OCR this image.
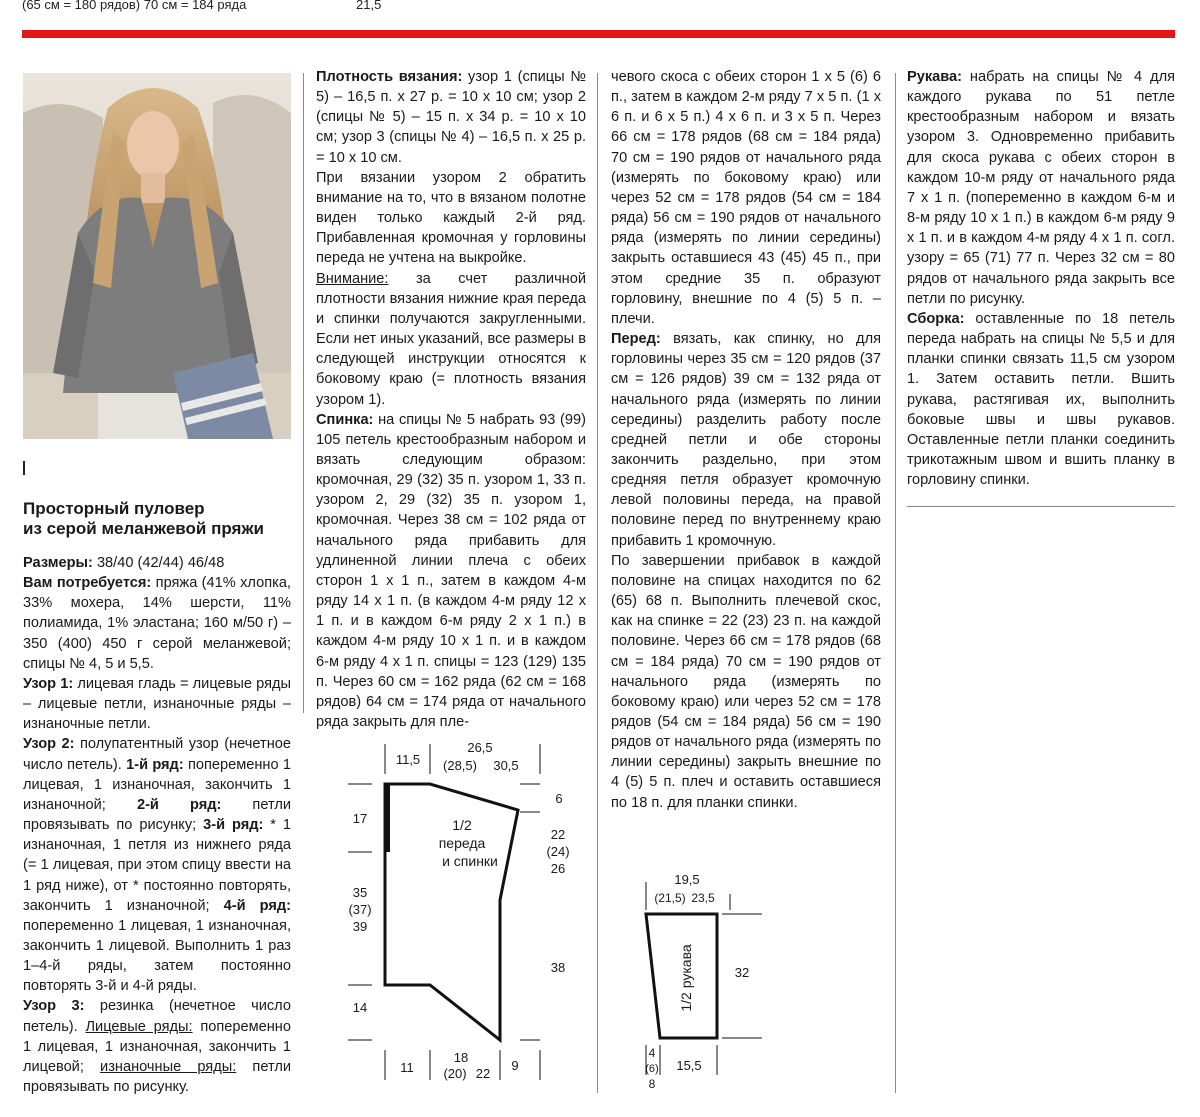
(65 см = 180 рядов) 70 см = 184 ряда	21,5

Просторный пуловер
из серой меланжевой пряжи

Размеры: 38/40 (42/44) 46/48

Вам потребуется: пряжа (41% хлопка, 33% мохера, 14% шерсти, 11% полиамида, 1% эластана; 160 м/50 г) – 350 (400) 450 г серой меланжевой; спицы № 4, 5 и 5,5.

Узор 1: лицевая гладь = лицевые ряды – лицевые петли, изнаночные ряды – изнаночные петли.

Узор 2: полупатентный узор (нечетное число петель). 1-й ряд: попеременно 1 лицевая, 1 изнаночная, закончить 1 изнаночной; 2-й ряд: петли провязывать по рисунку; 3-й ряд: * 1 изнаночная, 1 петля из нижнего ряда (= 1 лицевая, при этом спицу ввести на 1 ряд ниже), от * постоянно повторять, закончить 1 изнаночной; 4-й ряд: попеременно 1 лицевая, 1 изнаночная, закончить 1 лицевой. Выполнить 1 раз 1–4-й ряды, затем постоянно повторять 3-й и 4-й ряды.

Узор 3: резинка (нечетное число петель). Лицевые ряды: попеременно 1 лицевая, 1 изнаночная, закончить 1 лицевой; изнаночные ряды: петли провязывать по рисунку.

Плотность вязания: узор 1 (спицы № 5) – 16,5 п. х 27 р. = 10 х 10 см; узор 2 (спицы № 5) – 15 п. х 34 р. = 10 х 10 см; узор 3 (спицы № 4) – 16,5 п. х 25 р. = 10 х 10 см.

При вязании узором 2 обратить внимание на то, что в вязаном полотне виден только каждый 2-й ряд. Прибавленная кромочная у горловины переда не учтена на выкройке.

Внимание: за счет различной плотности вязания нижние края переда и спинки получаются закругленными. Если нет иных указаний, все размеры в следующей инструкции относятся к боковому краю (= плотность вязания узором 1).

Спинка: на спицы № 5 набрать 93 (99) 105 петель крестообразным набором и вязать следующим образом: кромочная, 29 (32) 35 п. узором 1, 33 п. узором 2, 29 (32) 35 п. узором 1, кромочная. Через 38 см = 102 ряда от начального ряда прибавить для удлиненной линии плеча с обеих сторон 1 х 1 п., затем в каждом 4-м ряду 14 х 1 п. (в каждом 4-м ряду 12 х 1 п. и в каждом 6-м ряду 2 х 1 п.) в каждом 4-м ряду 10 х 1 п. и в каждом 6-м ряду 4 х 1 п. спицы = 123 (129) 135 п. Через 60 см = 162 ряда (62 см = 168 рядов) 64 см = 174 ряда от начального ряда закрыть для пле-

чевого скоса с обеих сторон 1 х 5 (6) 6 п., затем в каждом 2-м ряду 7 х 5 п. (1 х 6 п. и 6 х 5 п.) 4 х 6 п. и 3 х 5 п. Через 66 см = 178 рядов (68 см = 184 ряда) 70 см = 190 рядов от начального ряда (измерять по боковому краю) или через 52 см = 178 рядов (54 см = 184 ряда) 56 см = 190 рядов от начального ряда (измерять по линии середины) закрыть оставшиеся 43 (45) 45 п., при этом средние 35 п. образуют горловину, внешние по 4 (5) 5 п. – плечи.

Перед: вязать, как спинку, но для горловины через 35 см = 120 рядов (37 см = 126 рядов) 39 см = 132 ряда от начального ряда (измерять по линии середины) разделить работу после средней петли и обе стороны закончить раздельно, при этом средняя петля образует кромочную левой половины переда, на правой половине перед по внутреннему краю прибавить 1 кромочную.

По завершении прибавок в каждой половине на спицах находится по 62 (65) 68 п. Выполнить плечевой скос, как на спинке = 22 (23) 23 п. на каждой половине. Через 66 см = 178 рядов (68 см = 184 ряда) 70 см = 190 рядов от начального ряда (измерять по боковому краю) или через 52 см = 178 рядов (54 см = 184 ряда) 56 см = 190 рядов от начального ряда (измерять по линии середины) закрыть внешние по 4 (5) 5 п. плеч и оставить оставшиеся по 18 п. для планки спинки.

Рукава: набрать на спицы № 4 для каждого рукава по 51 петле крестообразным набором и вязать узором 3. Одновременно прибавить для скоса рукава с обеих сторон в каждом 10-м ряду от начального ряда 7 х 1 п. (попеременно в каждом 6-м и 8-м ряду 10 х 1 п.) в каждом 6-м ряду 9 х 1 п. и в каждом 4-м ряду 4 х 1 п. согл. узору = 65 (71) 77 п. Через 32 см = 80 рядов от начального ряда закрыть все петли по рисунку.

Сборка: оставленные по 18 петель переда набрать на спицы № 5,5 и для планки спинки связать 11,5 см узором 1. Затем оставить петли. Вшить рукава, растягивая их, выполнить боковые швы и швы рукавов. Оставленные петли планки соединить трикотажным швом и вшить планку в горловину спинки.

11,5
26,5
(28,5) 30,5
6
17
22
(24)
26
1/2
переда
и спинки
35
(37)
39
38
14
11
18
(20) 22
9
19,5
(21,5) 23,5
32
1/2 рукава
4
(6)
8
15,5
